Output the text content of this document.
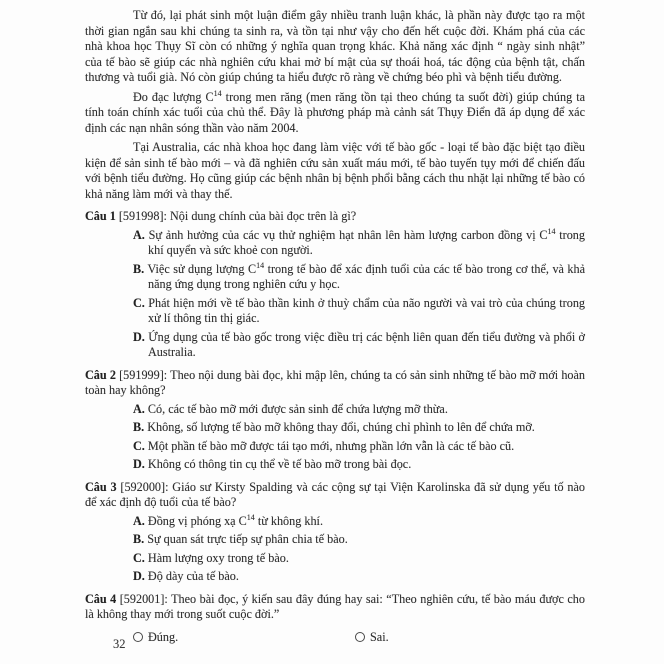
Từ đó, lại phát sinh một luận điểm gây nhiều tranh luận khác, là phần này được tạo ra một thời gian ngắn sau khi chúng ta sinh ra, và tồn tại như vậy cho đến hết cuộc đời. Khám phá của các nhà khoa học Thụy Sĩ còn có những ý nghĩa quan trọng khác. Khả năng xác định “ ngày sinh nhật” của tế bào sẽ giúp các nhà nghiên cứu khai mở bí mật của sự thoái hoá, tác động của bệnh tật, chấn thương và tuổi già. Nó còn giúp chúng ta hiểu được rõ ràng về chứng béo phì và bệnh tiểu đường.

Đo đạc lượng $C^{14}$ trong men răng (men răng tồn tại theo chúng ta suốt đời) giúp chúng ta tính toán chính xác tuổi của chủ thể. Đây là phương pháp mà cảnh sát Thụy Điển đã áp dụng để xác định các nạn nhân sóng thần vào năm 2004.

Tại Australia, các nhà khoa học đang làm việc với tế bào gốc - loại tế bào đặc biệt tạo điều kiện để sản sinh tế bào mới – và đã nghiên cứu sản xuất máu mới, tế bào tuyến tụy mới để chiến đấu với bệnh tiểu đường. Họ cũng giúp các bệnh nhân bị bệnh phổi bằng cách thu nhặt lại những tế bào có khả năng làm mới và thay thế.

Câu 1 [591998]: Nội dung chính của bài đọc trên là gì?
A. Sự ảnh hưởng của các vụ thử nghiệm hạt nhân lên hàm lượng carbon đồng vị $C^{14}$ trong khí quyển và sức khoẻ con người.
B. Việc sử dụng lượng $C^{14}$ trong tế bào để xác định tuổi của các tế bào trong cơ thể, và khả năng ứng dụng trong nghiên cứu y học.
C. Phát hiện mới về tế bào thần kinh ở thuỳ chẩm của não người và vai trò của chúng trong xử lí thông tin thị giác.
D. Ứng dụng của tế bào gốc trong việc điều trị các bệnh liên quan đến tiểu đường và phổi ở Australia.
Câu 2 [591999]: Theo nội dung bài đọc, khi mập lên, chúng ta có sản sinh những tế bào mỡ mới hoàn toàn hay không?
A. Có, các tế bào mỡ mới được sản sinh để chứa lượng mỡ thừa.
B. Không, số lượng tế bào mỡ không thay đổi, chúng chỉ phình to lên để chứa mỡ.
C. Một phần tế bào mỡ được tái tạo mới, nhưng phần lớn vẫn là các tế bào cũ.
D. Không có thông tin cụ thể về tế bào mỡ trong bài đọc.
Câu 3 [592000]: Giáo sư Kirsty Spalding và các cộng sự tại Viện Karolinska đã sử dụng yếu tố nào để xác định độ tuổi của tế bào?
A. Đồng vị phóng xạ $C^{14}$ từ không khí.
B. Sự quan sát trực tiếp sự phân chia tế bào.
C. Hàm lượng oxy trong tế bào.
D. Độ dày của tế bào.
Câu 4 [592001]: Theo bài đọc, ý kiến sau đây đúng hay sai: “Theo nghiên cứu, tế bào máu được cho là không thay mới trong suốt cuộc đời.”
Đúng.	Sai.
32
